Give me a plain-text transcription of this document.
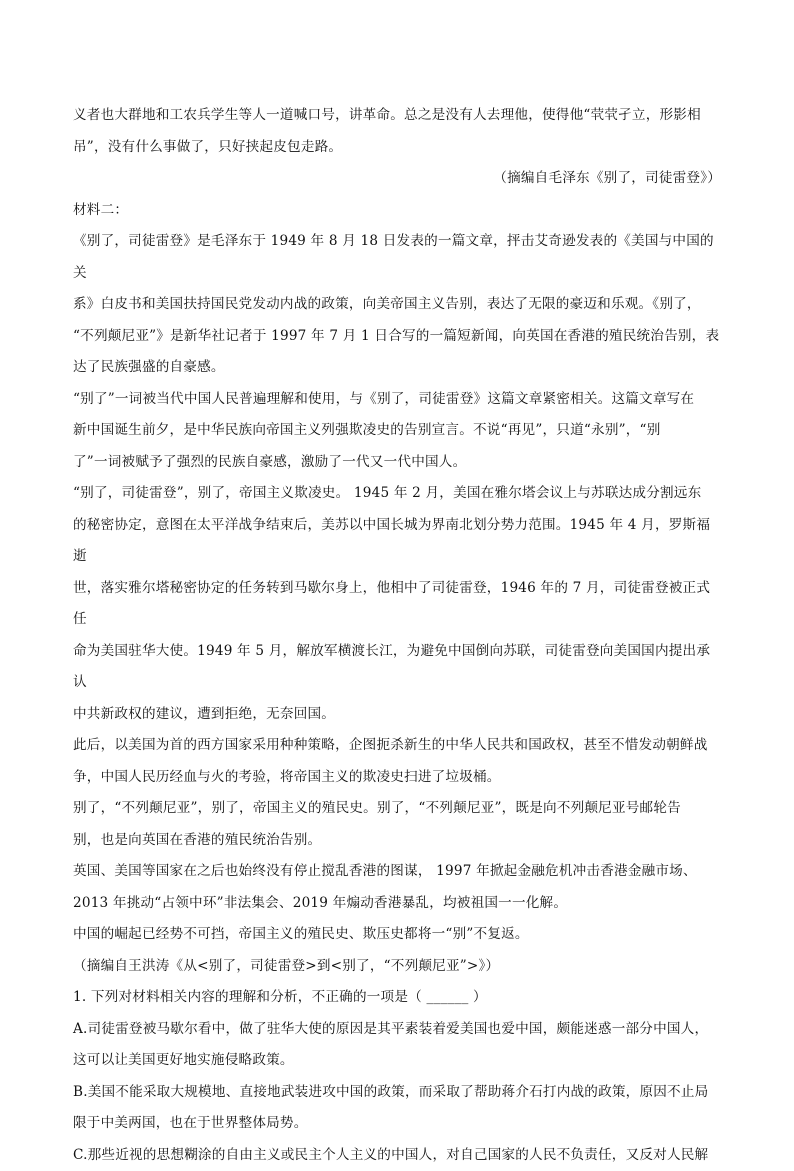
义者也大群地和工农兵学生等人一道喊口号，讲革命。总之是没有人去理他，使得他“茕茕孑立，形影相

吊”，没有什么事做了，只好挟起皮包走路。

（摘编自毛泽东《别了，司徒雷登》）

材料二：

《别了，司徒雷登》是毛泽东于 1949 年 8 月 18 日发表的一篇文章，抨击艾奇逊发表的《美国与中国的关

系》白皮书和美国扶持国民党发动内战的政策，向美帝国主义告别，表达了无限的豪迈和乐观。《别了，

“不列颠尼亚”》是新华社记者于 1997 年 7 月 1 日合写的一篇短新闻，向英国在香港的殖民统治告别，表

达了民族强盛的自豪感。

“别了”一词被当代中国人民普遍理解和使用，与《别了，司徒雷登》这篇文章紧密相关。这篇文章写在

新中国诞生前夕，是中华民族向帝国主义列强欺凌史的告别宣言。不说“再见”，只道“永别”，“别

了”一词被赋予了强烈的民族自豪感，激励了一代又一代中国人。

“别了，司徒雷登”，别了，帝国主义欺凌史。 1945 年 2 月，美国在雅尔塔会议上与苏联达成分割远东

的秘密协定，意图在太平洋战争结束后，美苏以中国长城为界南北划分势力范围。1945 年 4 月，罗斯福逝

世，落实雅尔塔秘密协定的任务转到马歇尔身上，他相中了司徒雷登，1946 年的 7 月，司徒雷登被正式任

命为美国驻华大使。1949 年 5 月，解放军横渡长江，为避免中国倒向苏联，司徒雷登向美国国内提出承认

中共新政权的建议，遭到拒绝，无奈回国。

此后，以美国为首的西方国家采用种种策略，企图扼杀新生的中华人民共和国政权，甚至不惜发动朝鲜战

争，中国人民历经血与火的考验，将帝国主义的欺凌史扫进了垃圾桶。

别了，“不列颠尼亚”，别了，帝国主义的殖民史。别了，“不列颠尼亚”，既是向不列颠尼亚号邮轮告

别，也是向英国在香港的殖民统治告别。

英国、美国等国家在之后也始终没有停止搅乱香港的图谋， 1997 年掀起金融危机冲击香港金融市场、

2013 年挑动“占领中环”非法集会、2019 年煽动香港暴乱，均被祖国一一化解。

中国的崛起已经势不可挡，帝国主义的殖民史、欺压史都将一“别”不复返。

（摘编自王洪涛《从<别了，司徒雷登>到<别了，“不列颠尼亚”>》）

1. 下列对材料相关内容的理解和分析，不正确的一项是（ ______ ）

A.司徒雷登被马歇尔看中，做了驻华大使的原因是其平素装着爱美国也爱中国，颇能迷惑一部分中国人，

这可以让美国更好地实施侵略政策。

B.美国不能采取大规模地、直接地武装进攻中国的政策，而采取了帮助蒋介石打内战的政策，原因不止局

限于中美两国，也在于世界整体局势。

C.那些近视的思想糊涂的自由主义或民主个人主义的中国人，对自己国家的人民不负责任，又反对人民解
